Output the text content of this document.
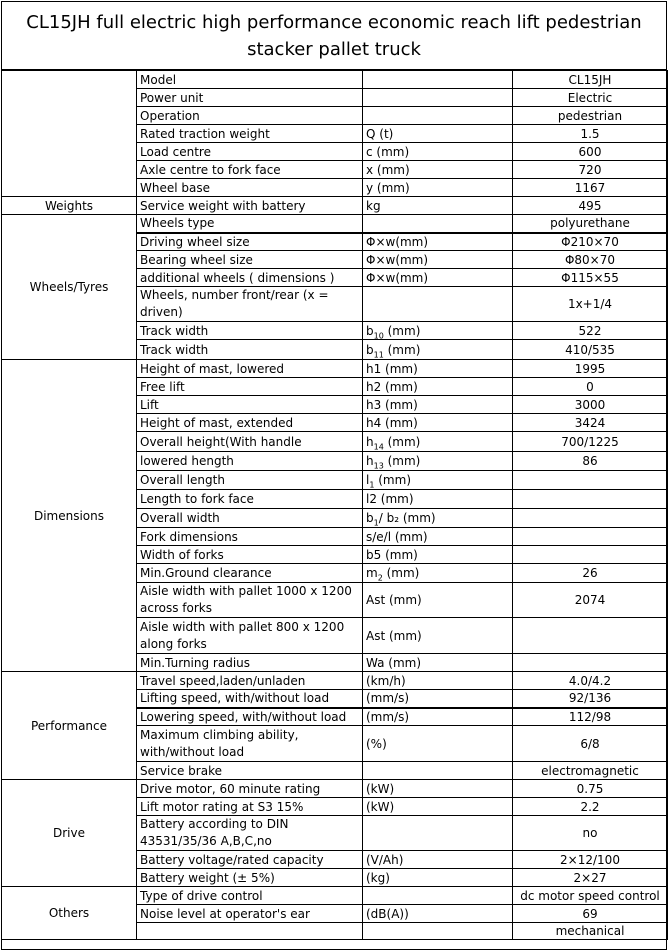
CL15JH full electric high performance economic reach lift pedestrian stacker pallet truck
	Model		CL15JH
	Power unit		Electric
	Operation		pedestrian
	Rated traction weight	Q (t)	1.5
	Load centre	c (mm)	600
	Axle centre to fork face	x (mm)	720
	Wheel base	y (mm)	1167
Weights	Service weight with battery	kg	495
Wheels/Tyres	Wheels type		polyurethane
	Driving wheel size	Φ×w(mm)	Φ210×70
	Bearing wheel size	Φ×w(mm)	Φ80×70
	additional wheels ( dimensions )	Φ×w(mm)	Φ115×55
	Wheels, number front/rear (x = driven)		1x+1/4
	Track width	$b_{10}$ (mm)	522
	Track width	$b_{11}$ (mm)	410/535
Dimensions	Height of mast, lowered	h1 (mm)	1995
	Free lift	h2 (mm)	0
	Lift	h3 (mm)	3000
	Height of mast, extended	h4 (mm)	3424
	Overall height(With handle	$h_{14}$ (mm)	700/1225
	lowered hength	$h_{13}$ (mm)	86
	Overall length	$l_1$ (mm)	
	Length to fork face	l2 (mm)	
	Overall width	$b_1/$ b₂ (mm)	
	Fork dimensions	s/e/l (mm)	
	Width of forks	b5 (mm)	
	Min.Ground clearance	$m_2$ (mm)	26
	Aisle width with pallet 1000 x 1200 across forks	Ast (mm)	2074
	Aisle width with pallet 800 x 1200 along forks	Ast (mm)	
	Min.Turning radius	Wa (mm)	
Performance	Travel speed,laden/unladen	(km/h)	4.0/4.2
	Lifting speed, with/without load	(mm/s)	92/136
	Lowering speed, with/without load	(mm/s)	112/98
	Maximum climbing ability, with/without load	(%)	6/8
	Service brake		electromagnetic
Drive	Drive motor, 60 minute rating	(kW)	0.75
	Lift motor rating at S3 15%	(kW)	2.2
	Battery according to DIN 43531/35/36 A,B,C,no		no
	Battery voltage/rated capacity	(V/Ah)	2×12/100
	Battery weight (± 5%)	(kg)	2×27
Others	Type of drive control		dc motor speed control
	Noise level at operator's ear	(dB(A))	69
			mechanical
